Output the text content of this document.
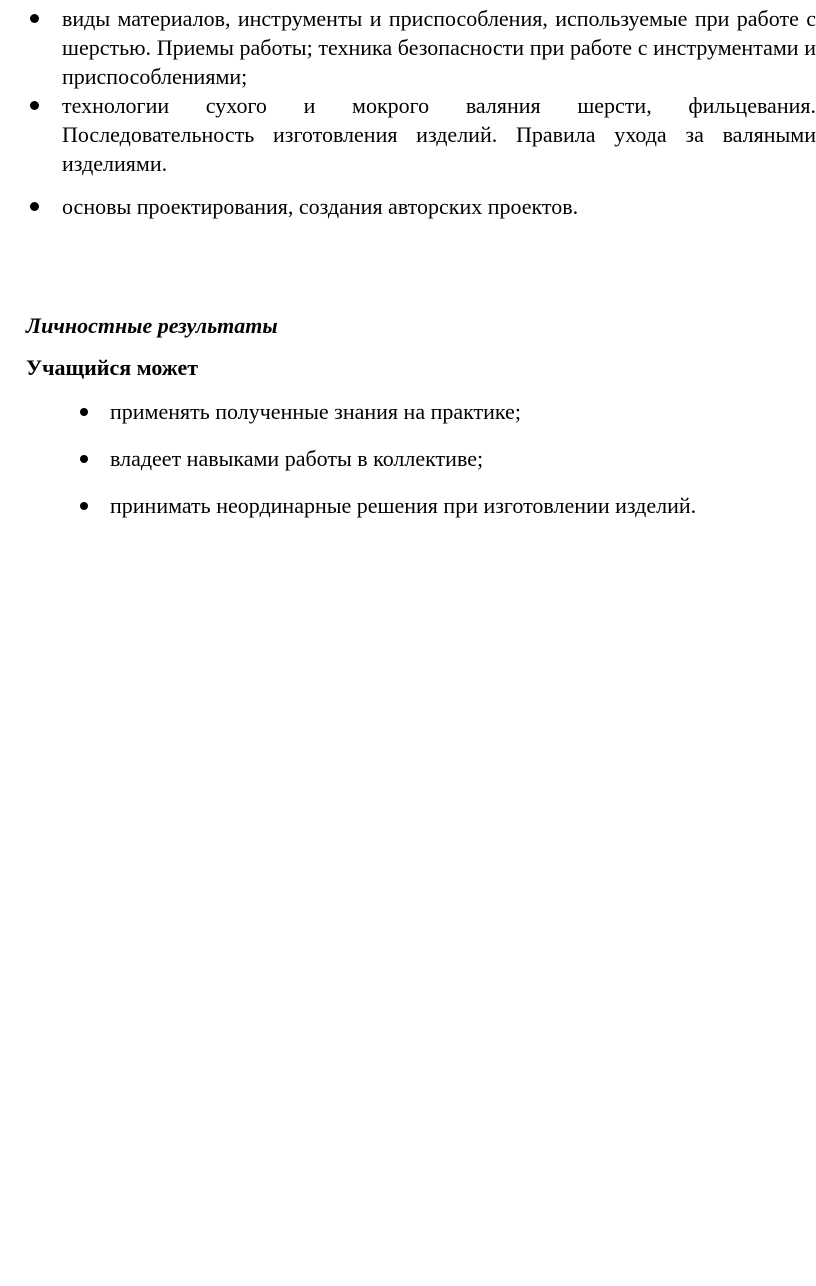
виды материалов, инструменты и приспособления, используемые при работе с шерстью. Приемы работы; техника безопасности при работе с инструментами и приспособлениями;
технологии сухого и мокрого валяния шерсти, фильцевания. Последовательность изготовления изделий. Правила ухода за валяными изделиями.
основы проектирования, создания авторских проектов.
Личностные результаты
Учащийся может
применять полученные знания на практике;
владеет навыками работы в коллективе;
принимать неординарные решения при изготовлении изделий.
